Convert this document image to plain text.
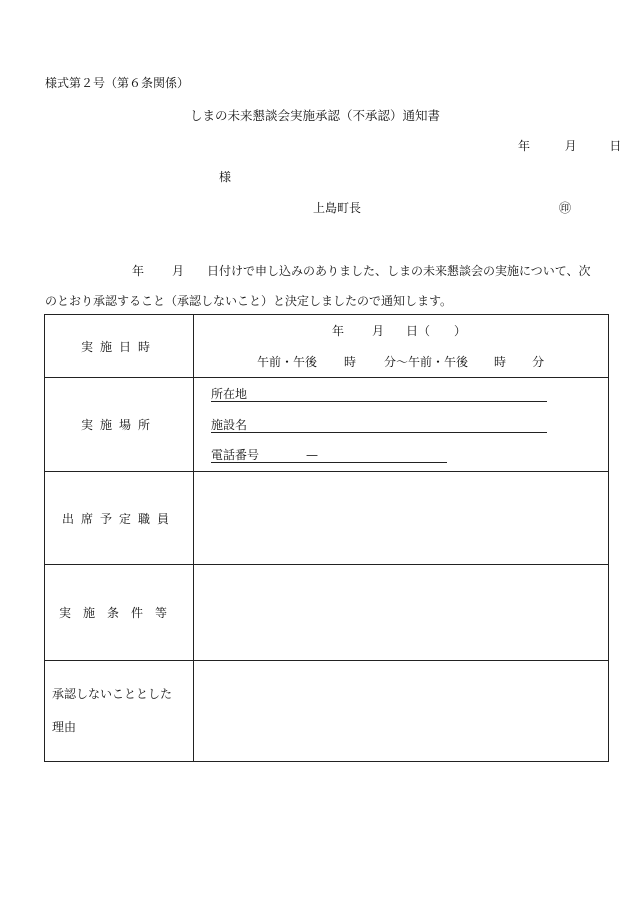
様式第２号（第６条関係）
しまの未来懇談会実施承認（不承認）通知書
年	月	日
様
上島町長	㊞
年 月 日付けで申し込みのありました、しまの未来懇談会の実施について、次
のとおり承認すること（承認しないこと）と決定しましたので通知します。
実施日時	年 月 日（　　）
午前・午後 時 分〜午前・午後 時 分

実施場所	所在地
施設名
電話番号 —

出席予定職員	
実施条件等	

承認しないこととした
理由	
